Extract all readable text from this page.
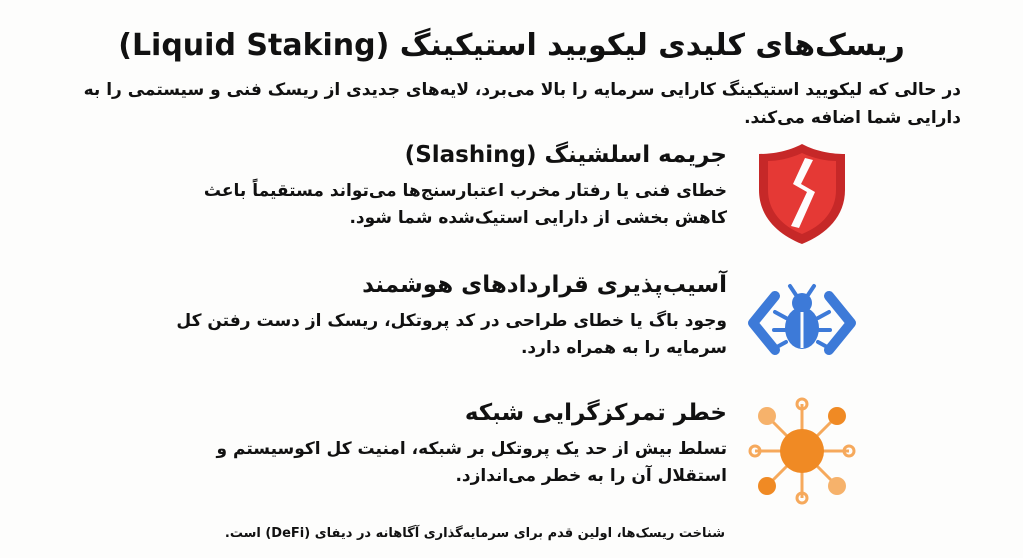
ریسک‌های کلیدی لیکویید استیکینگ (Liquid Staking)

در حالی که لیکویید استیکینگ کارایی سرمایه را بالا می‌برد، لایه‌های جدیدی از ریسک فنی و سیستمی را به دارایی شما اضافه می‌کند.

جریمه اسلشینگ (Slashing)

خطای فنی یا رفتار مخرب اعتبارسنج‌ها می‌تواند مستقیماً باعث کاهش بخشی از دارایی استیک‌شده شما شود.

آسیب‌پذیری قراردادهای هوشمند

وجود باگ یا خطای طراحی در کد پروتکل، ریسک از دست رفتن کل سرمایه را به همراه دارد.

خطر تمرکزگرایی شبکه

تسلط بیش از حد یک پروتکل بر شبکه، امنیت کل اکوسیستم و استقلال آن را به خطر می‌اندازد.

شناخت ریسک‌ها، اولین قدم برای سرمایه‌گذاری آگاهانه در دیفای (DeFi) است.
